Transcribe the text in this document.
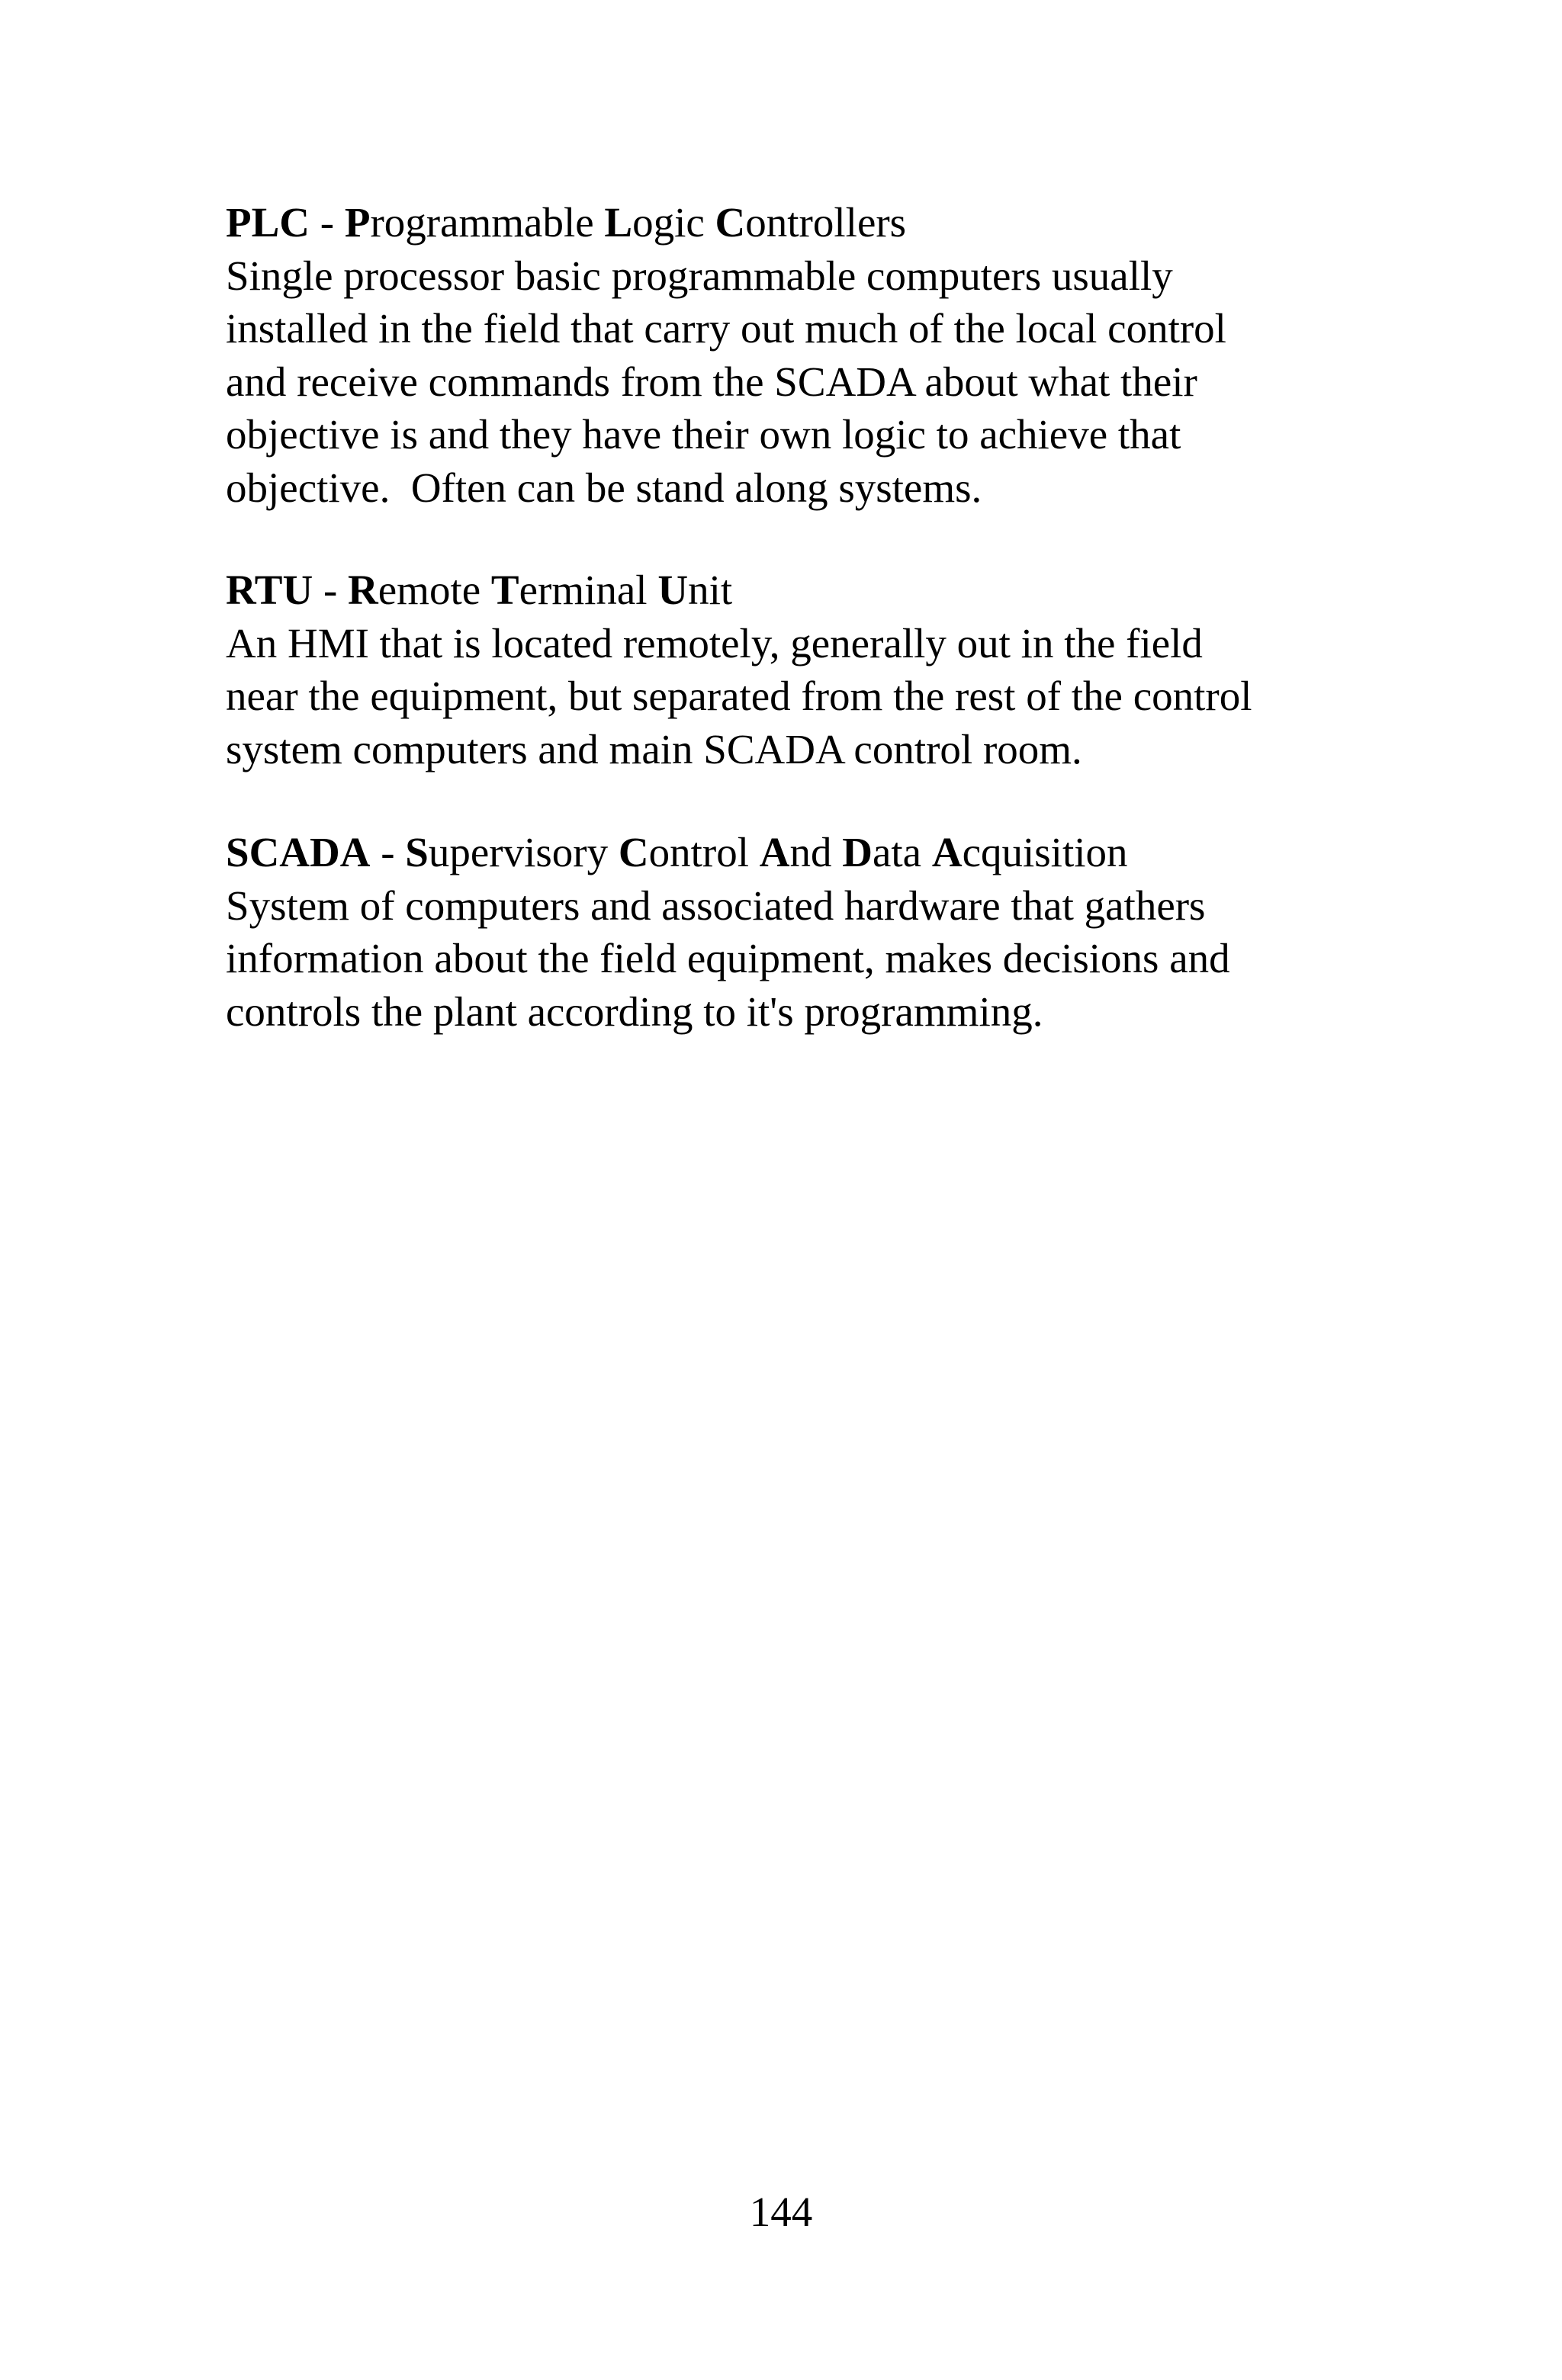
PLC - Programmable Logic Controllers
Single processor basic programmable computers usually
installed in the field that carry out much of the local control
and receive commands from the SCADA about what their
objective is and they have their own logic to achieve that
objective.  Often can be stand along systems.
RTU - Remote Terminal Unit
An HMI that is located remotely, generally out in the field
near the equipment, but separated from the rest of the control
system computers and main SCADA control room.
SCADA - Supervisory Control And Data Acquisition
System of computers and associated hardware that gathers
information about the field equipment, makes decisions and
controls the plant according to it's programming.
144
